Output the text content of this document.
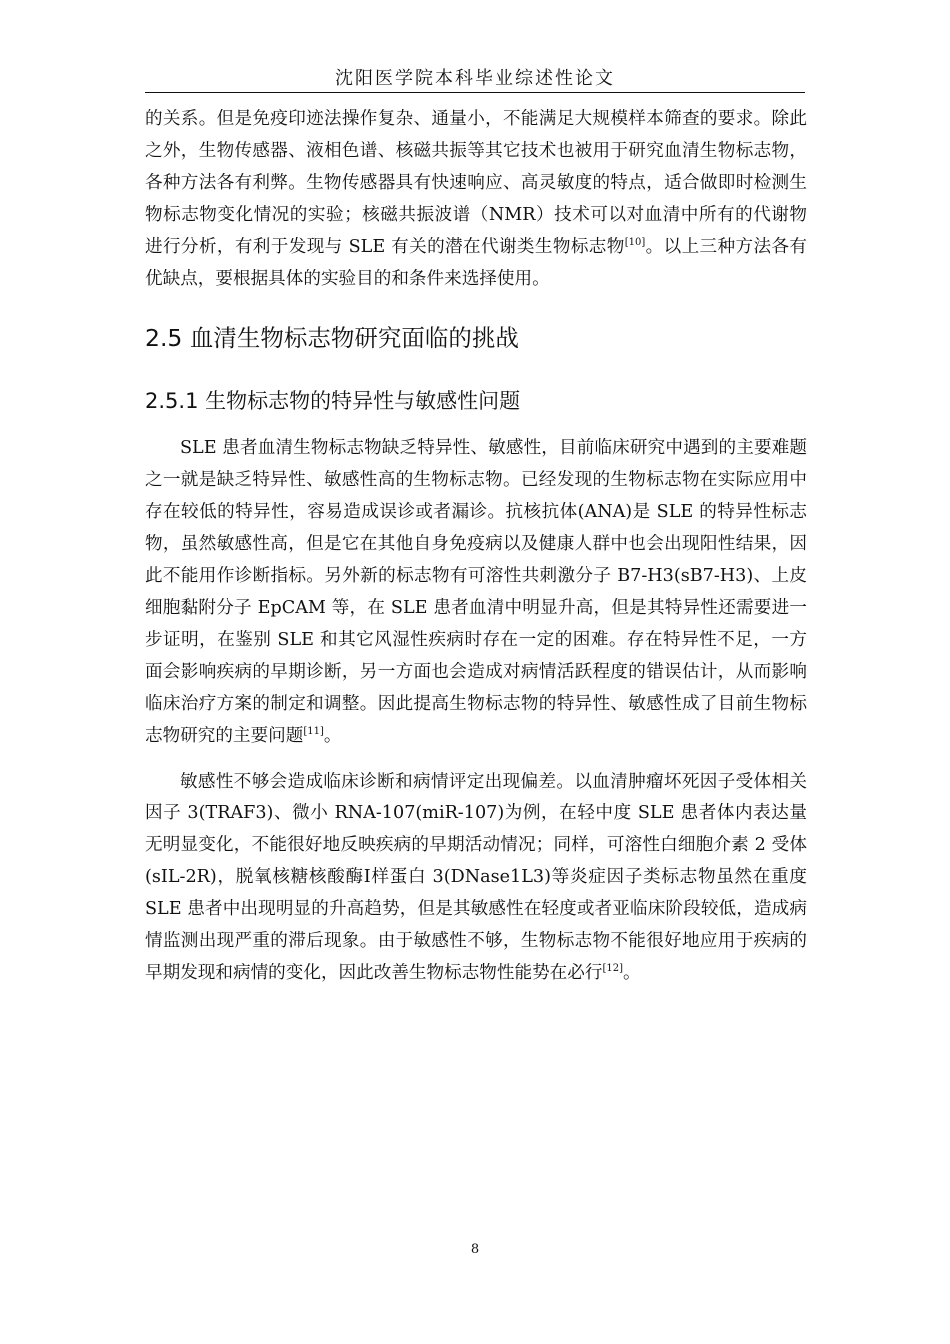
沈阳医学院本科毕业综述性论文

的关系。但是免疫印迹法操作复杂、通量小，不能满足大规模样本筛查的要求。除此之外，生物传感器、液相色谱、核磁共振等其它技术也被用于研究血清生物标志物，各种方法各有利弊。生物传感器具有快速响应、高灵敏度的特点，适合做即时检测生物标志物变化情况的实验；核磁共振波谱（NMR）技术可以对血清中所有的代谢物进行分析，有利于发现与 SLE 有关的潜在代谢类生物标志物[10]。以上三种方法各有优缺点，要根据具体的实验目的和条件来选择使用。

2.5 血清生物标志物研究面临的挑战
2.5.1 生物标志物的特异性与敏感性问题

SLE 患者血清生物标志物缺乏特异性、敏感性，目前临床研究中遇到的主要难题之一就是缺乏特异性、敏感性高的生物标志物。已经发现的生物标志物在实际应用中存在较低的特异性，容易造成误诊或者漏诊。抗核抗体(ANA)是 SLE 的特异性标志物，虽然敏感性高，但是它在其他自身免疫病以及健康人群中也会出现阳性结果，因此不能用作诊断指标。另外新的标志物有可溶性共刺激分子 B7-H3(sB7-H3)、上皮细胞黏附分子 EpCAM 等，在 SLE 患者血清中明显升高，但是其特异性还需要进一步证明，在鉴别 SLE 和其它风湿性疾病时存在一定的困难。存在特异性不足，一方面会影响疾病的早期诊断，另一方面也会造成对病情活跃程度的错误估计，从而影响临床治疗方案的制定和调整。因此提高生物标志物的特异性、敏感性成了目前生物标志物研究的主要问题[11]。

敏感性不够会造成临床诊断和病情评定出现偏差。以血清肿瘤坏死因子受体相关因子 3(TRAF3)、微小 RNA-107(miR-107)为例，在轻中度 SLE 患者体内表达量无明显变化，不能很好地反映疾病的早期活动情况；同样，可溶性白细胞介素 2 受体(sIL-2R)，脱氧核糖核酸酶Ⅰ样蛋白 3(DNase1L3)等炎症因子类标志物虽然在重度 SLE 患者中出现明显的升高趋势，但是其敏感性在轻度或者亚临床阶段较低，造成病情监测出现严重的滞后现象。由于敏感性不够，生物标志物不能很好地应用于疾病的早期发现和病情的变化，因此改善生物标志物性能势在必行[12]。

8
